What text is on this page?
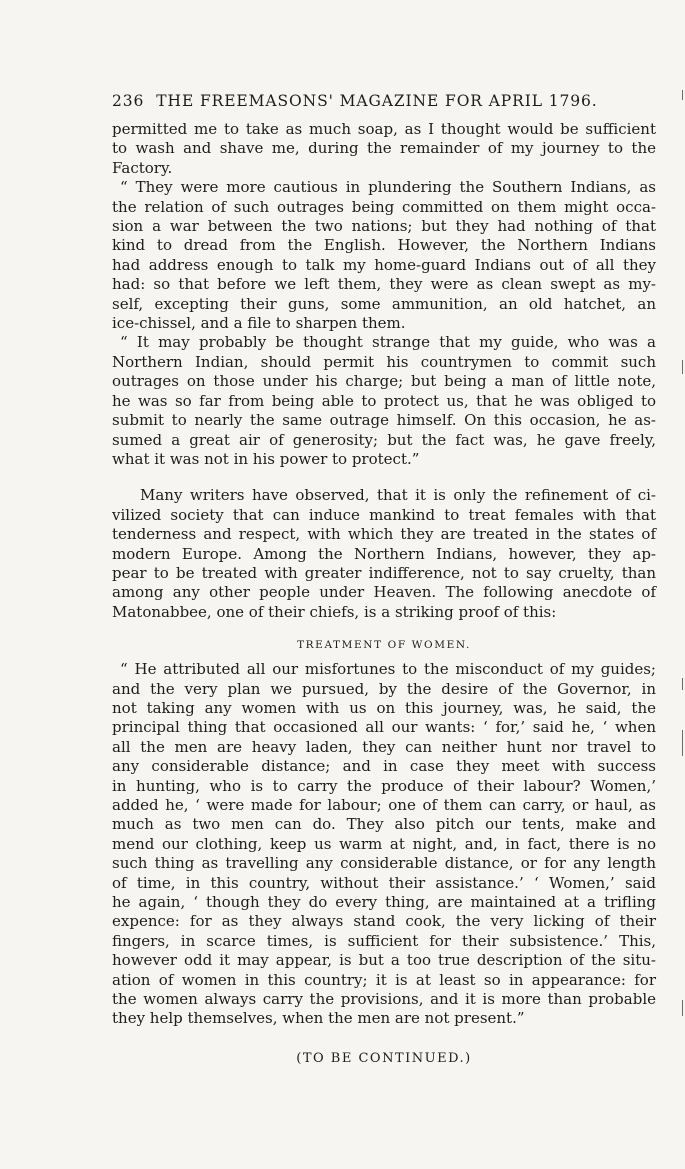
236 THE FREEMASONS' MAGAZINE FOR APRIL 1796.
permitted me to take as much soap, as I thought would be sufficient
to wash and shave me, during the remainder of my journey to the
Factory.
“ They were more cautious in plundering the Southern Indians, as
the relation of such outrages being committed on them might occa-
sion a war between the two nations; but they had nothing of that
kind to dread from the English. However, the Northern Indians
had address enough to talk my home-guard Indians out of all they
had: so that before we left them, they were as clean swept as my-
self, excepting their guns, some ammunition, an old hatchet, an
ice-chissel, and a file to sharpen them.
“ It may probably be thought strange that my guide, who was a
Northern Indian, should permit his countrymen to commit such
outrages on those under his charge; but being a man of little note,
he was so far from being able to protect us, that he was obliged to
submit to nearly the same outrage himself. On this occasion, he as-
sumed a great air of generosity; but the fact was, he gave freely,
what it was not in his power to protect.”
Many writers have observed, that it is only the refinement of ci-
vilized society that can induce mankind to treat females with that
tenderness and respect, with which they are treated in the states of
modern Europe. Among the Northern Indians, however, they ap-
pear to be treated with greater indifference, not to say cruelty, than
among any other people under Heaven. The following anecdote of
Matonabbee, one of their chiefs, is a striking proof of this:
TREATMENT OF WOMEN.
“ He attributed all our misfortunes to the misconduct of my guides;
and the very plan we pursued, by the desire of the Governor, in
not taking any women with us on this journey, was, he said, the
principal thing that occasioned all our wants: ‘ for,’ said he, ‘ when
all the men are heavy laden, they can neither hunt nor travel to
any considerable distance; and in case they meet with success
in hunting, who is to carry the produce of their labour? Women,’
added he, ‘ were made for labour; one of them can carry, or haul, as
much as two men can do. They also pitch our tents, make and
mend our clothing, keep us warm at night, and, in fact, there is no
such thing as travelling any considerable distance, or for any length
of time, in this country, without their assistance.’ ‘ Women,’ said
he again, ‘ though they do every thing, are maintained at a trifling
expence: for as they always stand cook, the very licking of their
fingers, in scarce times, is sufficient for their subsistence.’ This,
however odd it may appear, is but a too true description of the situ-
ation of women in this country; it is at least so in appearance: for
the women always carry the provisions, and it is more than probable
they help themselves, when the men are not present.”
(TO BE CONTINUED.)
